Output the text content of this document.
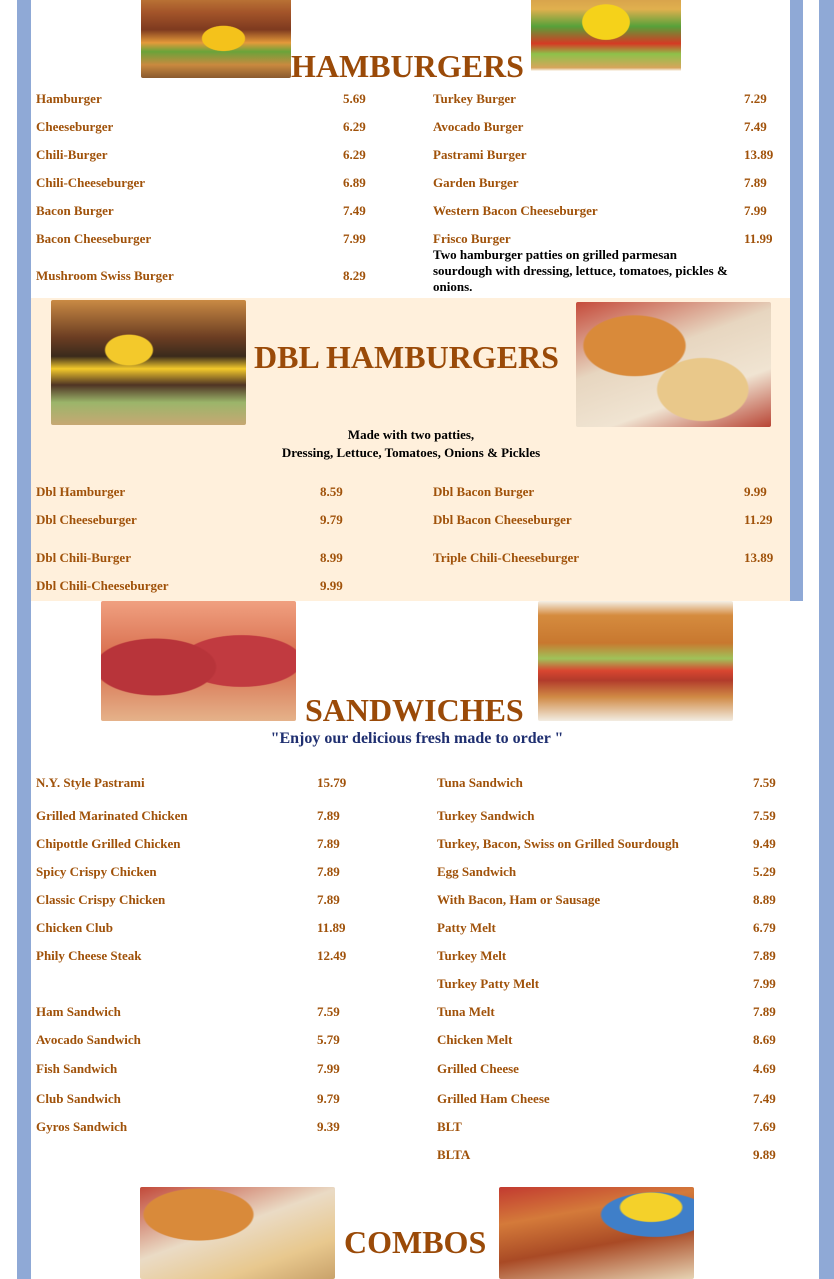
HAMBURGERS
Hamburger	5.69
Cheeseburger	6.29
Chili-Burger	6.29
Chili-Cheeseburger	6.89
Bacon Burger	7.49
Bacon Cheeseburger	7.99
Mushroom Swiss Burger	8.29
Turkey Burger	7.29
Avocado Burger	7.49
Pastrami Burger	13.89
Garden Burger	7.89
Western Bacon Cheeseburger	7.99
Frisco Burger	11.99
Two hamburger patties on grilled parmesan sourdough with dressing, lettuce, tomatoes, pickles & onions.
DBL HAMBURGERS
Made with two patties,
Dressing, Lettuce, Tomatoes, Onions & Pickles
Dbl Hamburger	8.59
Dbl Cheeseburger	9.79
Dbl Chili-Burger	8.99
Dbl Chili-Cheeseburger	9.99
Dbl Bacon Burger	9.99
Dbl Bacon Cheeseburger	11.29
Triple Chili-Cheeseburger	13.89
SANDWICHES
"Enjoy our delicious fresh made to order "
N.Y. Style Pastrami	15.79
Grilled Marinated Chicken	7.89
Chipottle Grilled Chicken	7.89
Spicy Crispy Chicken	7.89
Classic Crispy Chicken	7.89
Chicken Club	11.89
Phily Cheese Steak	12.49
Ham Sandwich	7.59
Avocado Sandwich	5.79
Fish Sandwich	7.99
Club Sandwich	9.79
Gyros Sandwich	9.39
Tuna Sandwich	7.59
Turkey Sandwich	7.59
Turkey, Bacon, Swiss on Grilled Sourdough	9.49
Egg Sandwich	5.29
With Bacon, Ham or Sausage	8.89
Patty Melt	6.79
Turkey Melt	7.89
Turkey Patty Melt	7.99
Tuna Melt	7.89
Chicken Melt	8.69
Grilled Cheese	4.69
Grilled Ham Cheese	7.49
BLT	7.69
BLTA	9.89
COMBOS
